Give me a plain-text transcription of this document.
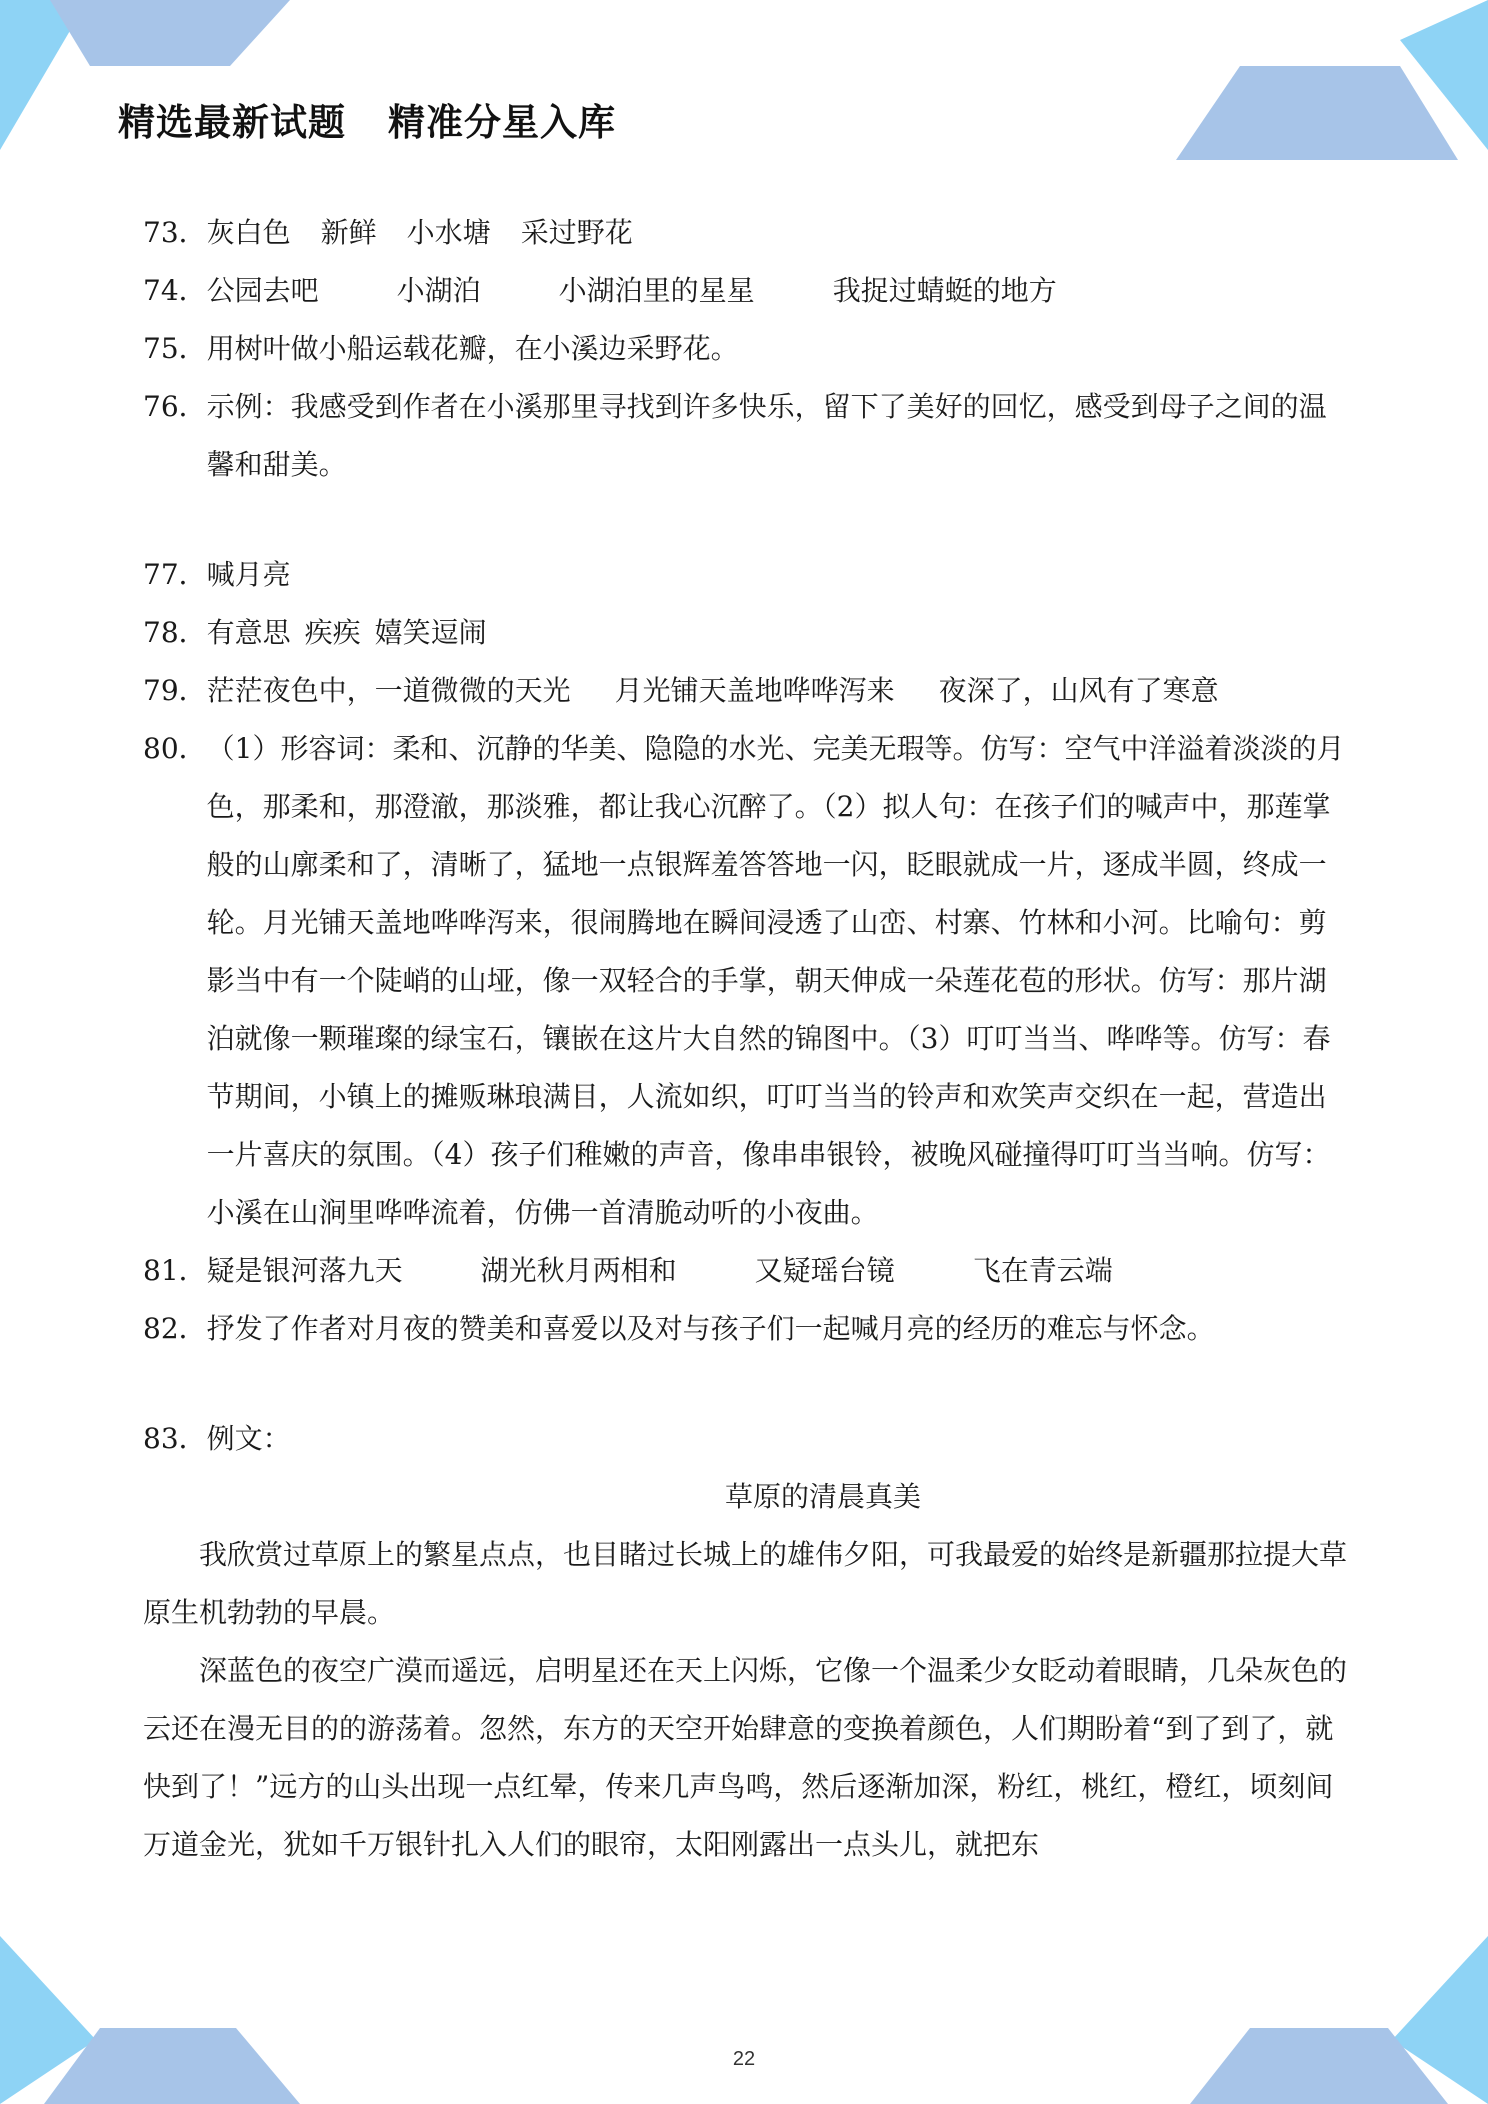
精选最新试题 精准分星入库
73． 灰白色 新鲜 小水塘 采过野花
74． 公园去吧	小湖泊	小湖泊里的星星	我捉过蜻蜓的地方
75． 用树叶做小船运载花瓣，在小溪边采野花。
76． 示例：我感受到作者在小溪那里寻找到许多快乐，留下了美好的回忆，感受到母子之间的温馨和甜美。
77． 喊月亮
78． 有意思 疾疾 嬉笑逗闹
79． 茫茫夜色中，一道微微的天光 月光铺天盖地哗哗泻来 夜深了，山风有了寒意
80． （1）形容词：柔和、沉静的华美、隐隐的水光、完美无瑕等。仿写：空气中洋溢着淡淡的月色，那柔和，那澄澈，那淡雅，都让我心沉醉了。（2）拟人句：在孩子们的喊声中，那莲掌般的山廓柔和了，清晰了，猛地一点银辉羞答答地一闪，眨眼就成一片，逐成半圆，终成一轮。月光铺天盖地哗哗泻来，很闹腾地在瞬间浸透了山峦、村寨、竹林和小河。比喻句：剪影当中有一个陡峭的山垭，像一双轻合的手掌，朝天伸成一朵莲花苞的形状。仿写：那片湖泊就像一颗璀璨的绿宝石，镶嵌在这片大自然的锦图中。（3）叮叮当当、哗哗等。仿写：春节期间，小镇上的摊贩琳琅满目，人流如织，叮叮当当的铃声和欢笑声交织在一起，营造出一片喜庆的氛围。（4）孩子们稚嫩的声音，像串串银铃，被晚风碰撞得叮叮当当响。仿写：小溪在山涧里哗哗流着，仿佛一首清脆动听的小夜曲。
81． 疑是银河落九天	湖光秋月两相和	又疑瑶台镜	飞在青云端
82． 抒发了作者对月夜的赞美和喜爱以及对与孩子们一起喊月亮的经历的难忘与怀念。
83． 例文：
草原的清晨真美
我欣赏过草原上的繁星点点，也目睹过长城上的雄伟夕阳，可我最爱的始终是新疆那拉提大草原生机勃勃的早晨。
深蓝色的夜空广漠而遥远，启明星还在天上闪烁，它像一个温柔少女眨动着眼睛，几朵灰色的云还在漫无目的的游荡着。忽然，东方的天空开始肆意的变换着颜色，人们期盼着“到了到了，就快到了！”远方的山头出现一点红晕，传来几声鸟鸣，然后逐渐加深，粉红，桃红，橙红，顷刻间万道金光，犹如千万银针扎入人们的眼帘，太阳刚露出一点头儿，就把东
22
